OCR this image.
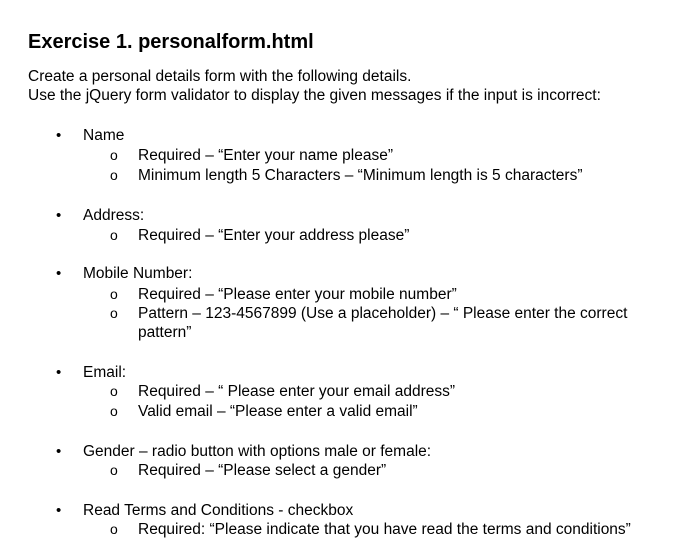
Exercise 1. personalform.html
Create a personal details form with the following details.
Use the jQuery form validator to display the given messages if the input is incorrect:
• Name
o Required – “Enter your name please”
o Minimum length 5 Characters – “Minimum length is 5 characters”
• Address:
o Required – “Enter your address please”
• Mobile Number:
o Required – “Please enter your mobile number”
o Pattern – 123-4567899 (Use a placeholder) – “ Please enter the correct
pattern”
• Email:
o Required – “ Please enter your email address”
o Valid email – “Please enter a valid email”
• Gender – radio button with options male or female:
o Required – “Please select a gender”
• Read Terms and Conditions - checkbox
o Required: “Please indicate that you have read the terms and conditions”
